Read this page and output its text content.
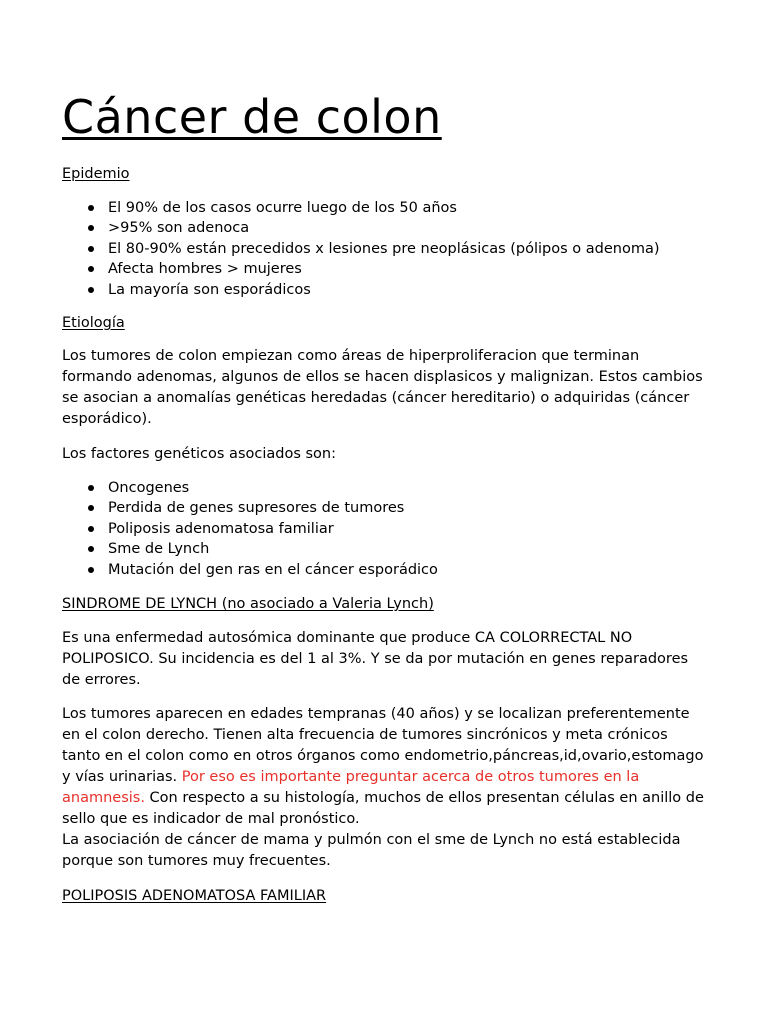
Cáncer de colon
Epidemio
El 90% de los casos ocurre luego de los 50 años
>95% son adenoca
El 80-90% están precedidos x lesiones pre neoplásicas (pólipos o adenoma)
Afecta hombres > mujeres
La mayoría son esporádicos
Etiología

Los tumores de colon empiezan como áreas de hiperproliferacion que terminan formando adenomas, algunos de ellos se hacen displasicos y malignizan. Estos cambios se asocian a anomalías genéticas heredadas (cáncer hereditario) o adquiridas (cáncer esporádico).

Los factores genéticos asociados son:

Oncogenes
Perdida de genes supresores de tumores
Poliposis adenomatosa familiar
Sme de Lynch
Mutación del gen ras en el cáncer esporádico
SINDROME DE LYNCH (no asociado a Valeria Lynch)

Es una enfermedad autosómica dominante que produce CA COLORRECTAL NO POLIPOSICO. Su incidencia es del 1 al 3%. Y se da por mutación en genes reparadores de errores.

Los tumores aparecen en edades tempranas (40 años) y se localizan preferentemente en el colon derecho. Tienen alta frecuencia de tumores sincrónicos y meta crónicos tanto en el colon como en otros órganos como endometrio,páncreas,id,ovario,estomago y vías urinarias. Por eso es importante preguntar acerca de otros tumores en la anamnesis. Con respecto a su histología, muchos de ellos presentan células en anillo de sello que es indicador de mal pronóstico.

La asociación de cáncer de mama y pulmón con el sme de Lynch no está establecida porque son tumores muy frecuentes.

POLIPOSIS ADENOMATOSA FAMILIAR
